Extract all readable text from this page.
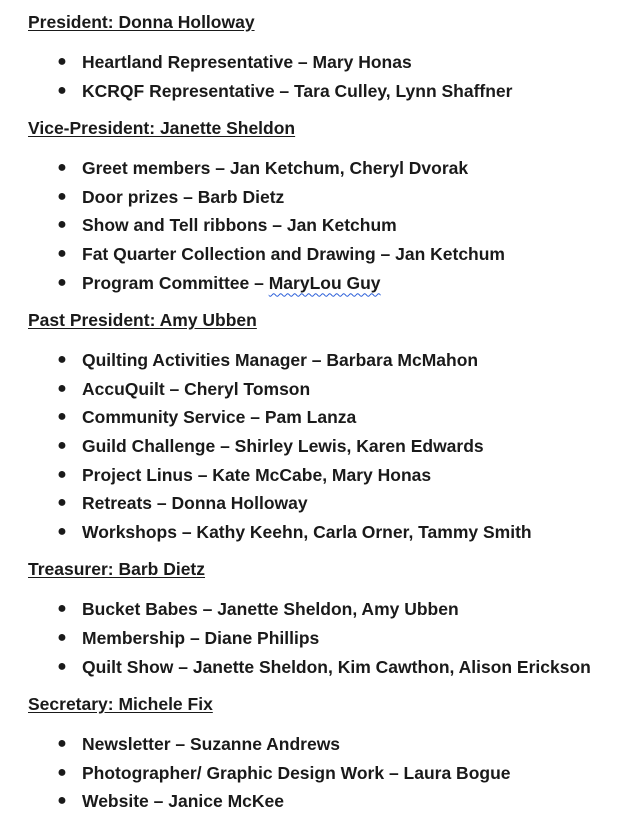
President: Donna Holloway
● Heartland Representative – Mary Honas
● KCRQF Representative – Tara Culley, Lynn Shaffner
Vice-President: Janette Sheldon
● Greet members – Jan Ketchum, Cheryl Dvorak
● Door prizes – Barb Dietz
● Show and Tell ribbons – Jan Ketchum
● Fat Quarter Collection and Drawing – Jan Ketchum
● Program Committee – MaryLou Guy
Past President: Amy Ubben
● Quilting Activities Manager – Barbara McMahon
● AccuQuilt – Cheryl Tomson
● Community Service – Pam Lanza
● Guild Challenge – Shirley Lewis, Karen Edwards
● Project Linus – Kate McCabe, Mary Honas
● Retreats – Donna Holloway
● Workshops – Kathy Keehn, Carla Orner, Tammy Smith
Treasurer: Barb Dietz
● Bucket Babes – Janette Sheldon, Amy Ubben
● Membership – Diane Phillips
● Quilt Show – Janette Sheldon, Kim Cawthon, Alison Erickson
Secretary: Michele Fix
● Newsletter – Suzanne Andrews
● Photographer/ Graphic Design Work – Laura Bogue
● Website – Janice McKee
